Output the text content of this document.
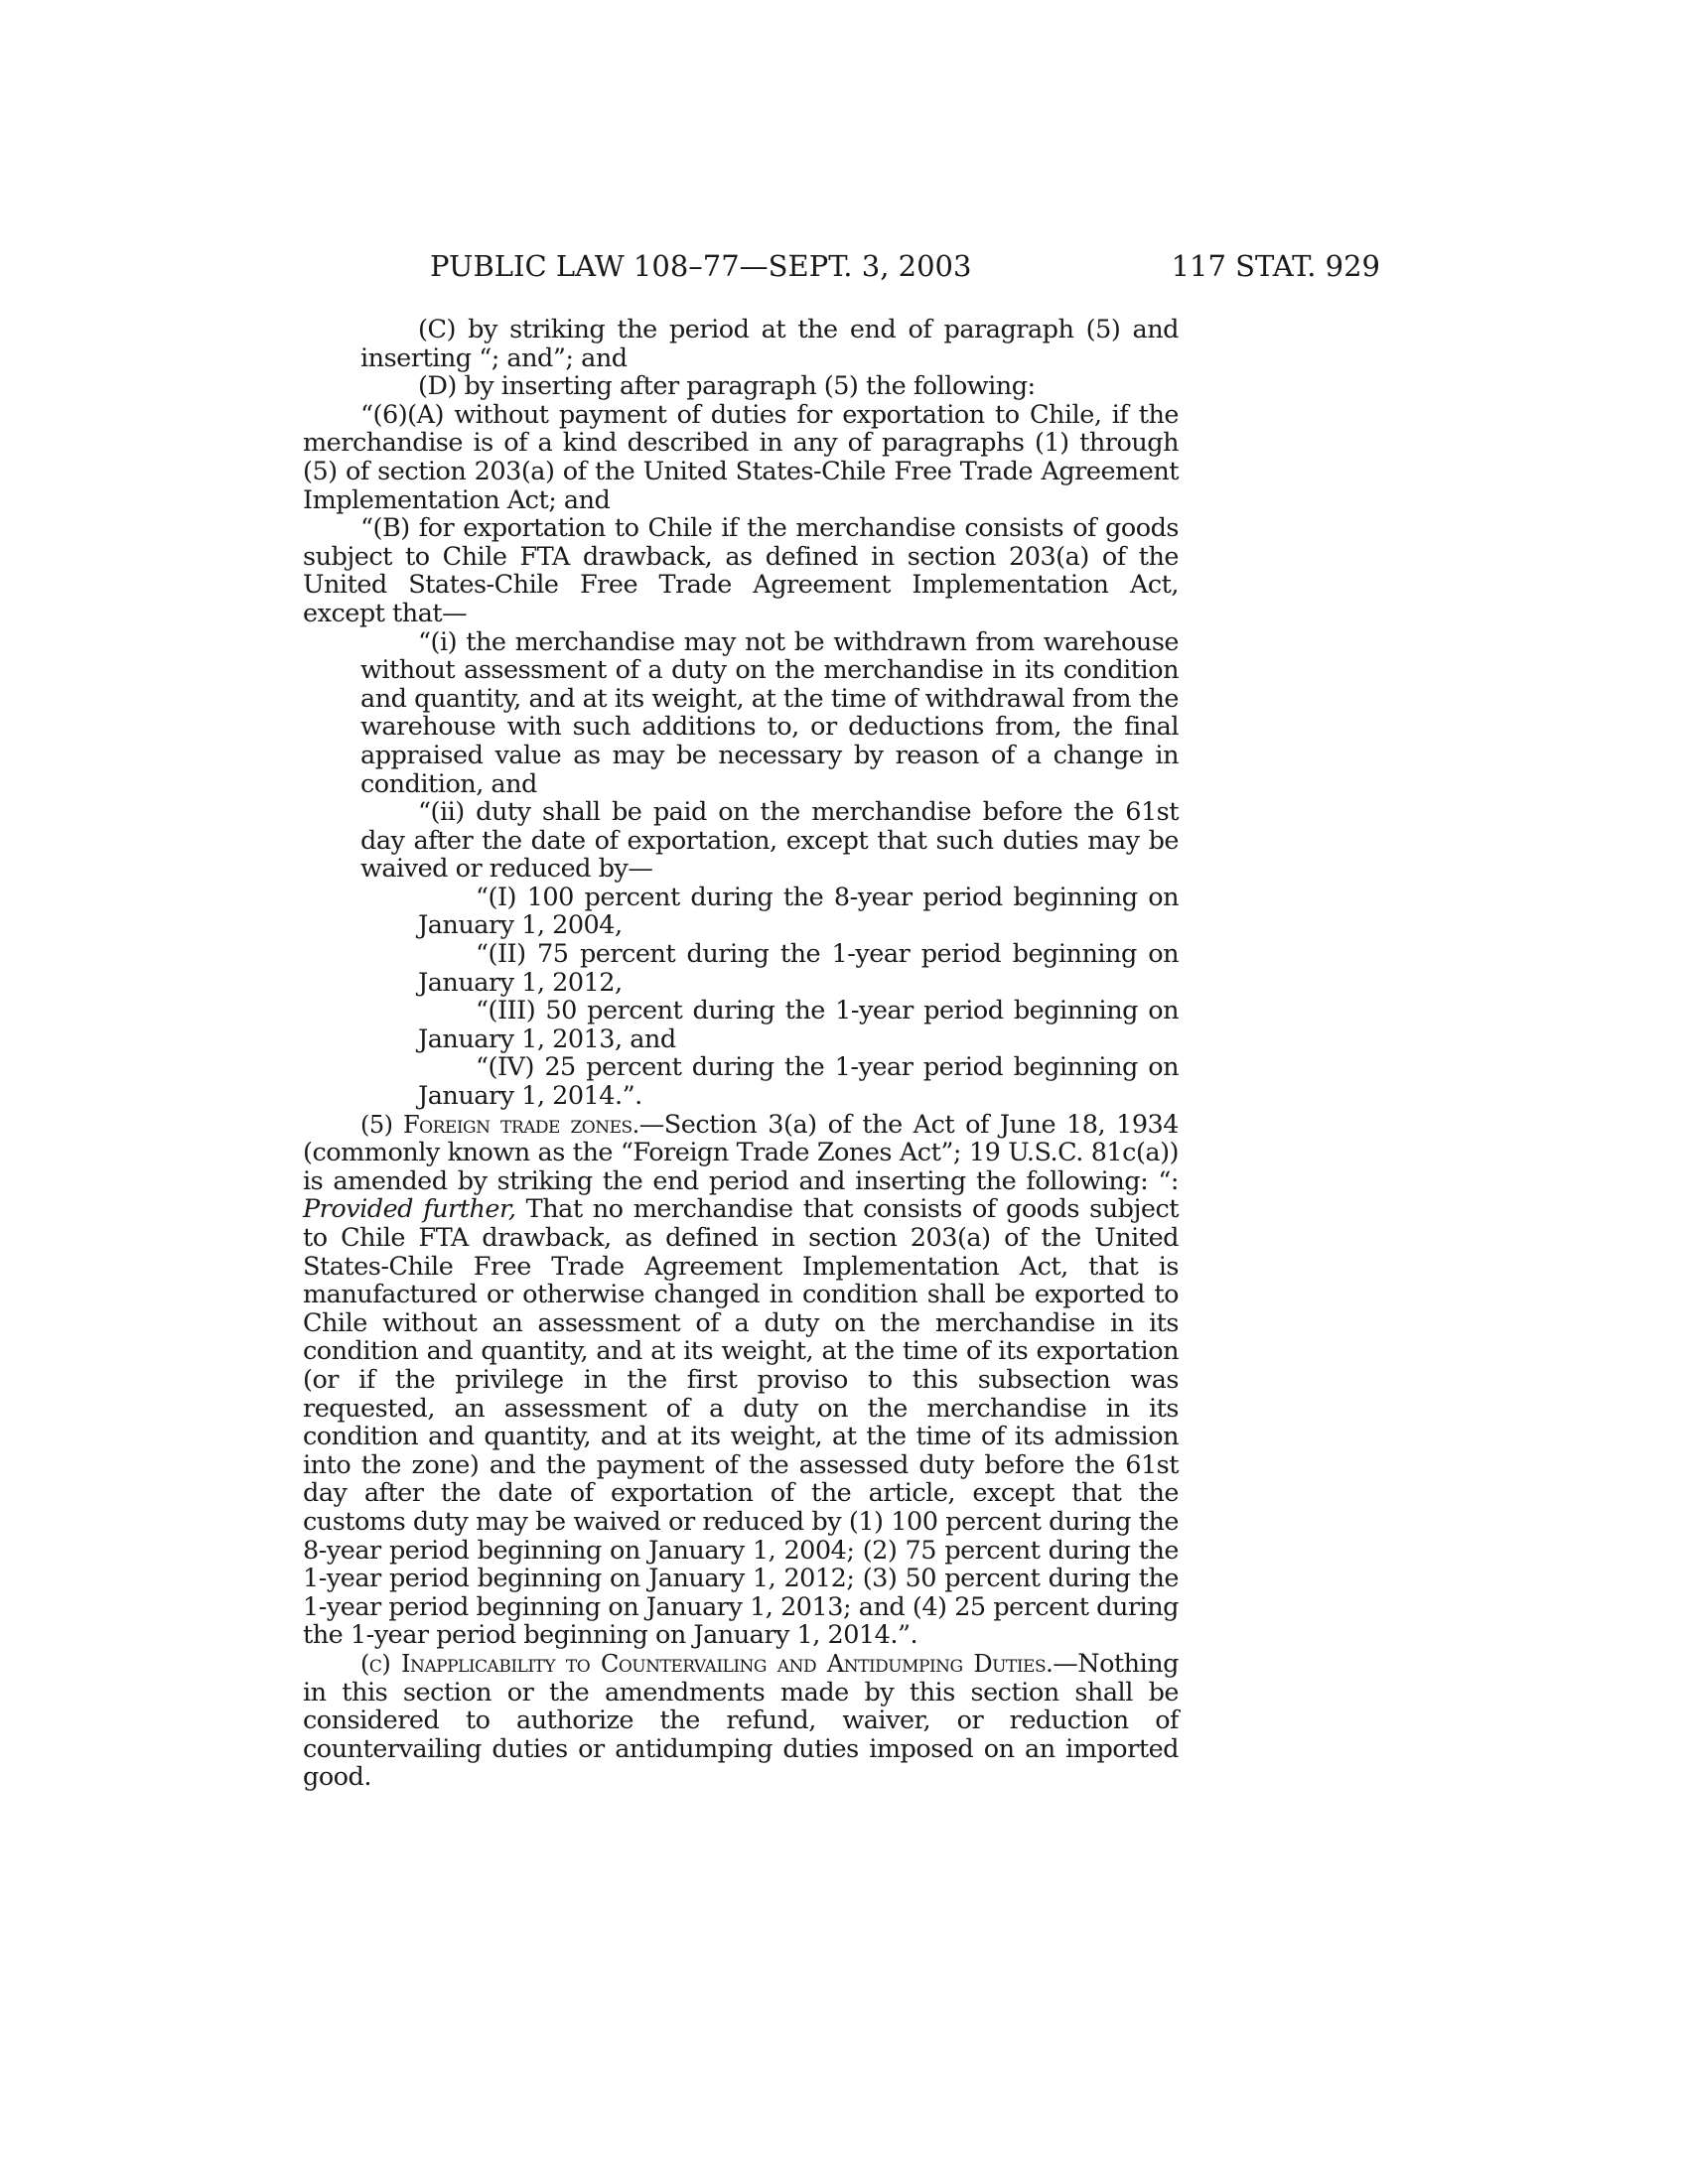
PUBLIC LAW 108–77—SEPT. 3, 2003	117 STAT. 929

(C) by striking the period at the end of paragraph (5) and inserting “; and”; and

(D) by inserting after paragraph (5) the following:

“(6)(A) without payment of duties for exportation to Chile, if the merchandise is of a kind described in any of paragraphs (1) through (5) of section 203(a) of the United States-Chile Free Trade Agreement Implementation Act; and

“(B) for exportation to Chile if the merchandise consists of goods subject to Chile FTA drawback, as defined in section 203(a) of the United States-Chile Free Trade Agreement Implementation Act, except that—

“(i) the merchandise may not be withdrawn from warehouse without assessment of a duty on the merchandise in its condition and quantity, and at its weight, at the time of withdrawal from the warehouse with such additions to, or deductions from, the final appraised value as may be necessary by reason of a change in condition, and

“(ii) duty shall be paid on the merchandise before the 61st day after the date of exportation, except that such duties may be waived or reduced by—

“(I) 100 percent during the 8-year period beginning on January 1, 2004,

“(II) 75 percent during the 1-year period beginning on January 1, 2012,

“(III) 50 percent during the 1-year period beginning on January 1, 2013, and

“(IV) 25 percent during the 1-year period beginning on January 1, 2014.”.

(5) Foreign trade zones.—Section 3(a) of the Act of June 18, 1934 (commonly known as the “Foreign Trade Zones Act”; 19 U.S.C. 81c(a)) is amended by striking the end period and inserting the following: “: Provided further, That no merchandise that consists of goods subject to Chile FTA drawback, as defined in section 203(a) of the United States-Chile Free Trade Agreement Implementation Act, that is manufactured or otherwise changed in condition shall be exported to Chile without an assessment of a duty on the merchandise in its condition and quantity, and at its weight, at the time of its exportation (or if the privilege in the first proviso to this subsection was requested, an assessment of a duty on the merchandise in its condition and quantity, and at its weight, at the time of its admission into the zone) and the payment of the assessed duty before the 61st day after the date of exportation of the article, except that the customs duty may be waived or reduced by (1) 100 percent during the 8-year period beginning on January 1, 2004; (2) 75 percent during the 1-year period beginning on January 1, 2012; (3) 50 percent during the 1-year period beginning on January 1, 2013; and (4) 25 percent during the 1-year period beginning on January 1, 2014.”.

(c) Inapplicability to Countervailing and Antidumping Duties.—Nothing in this section or the amendments made by this section shall be considered to authorize the refund, waiver, or reduction of countervailing duties or antidumping duties imposed on an imported good.
